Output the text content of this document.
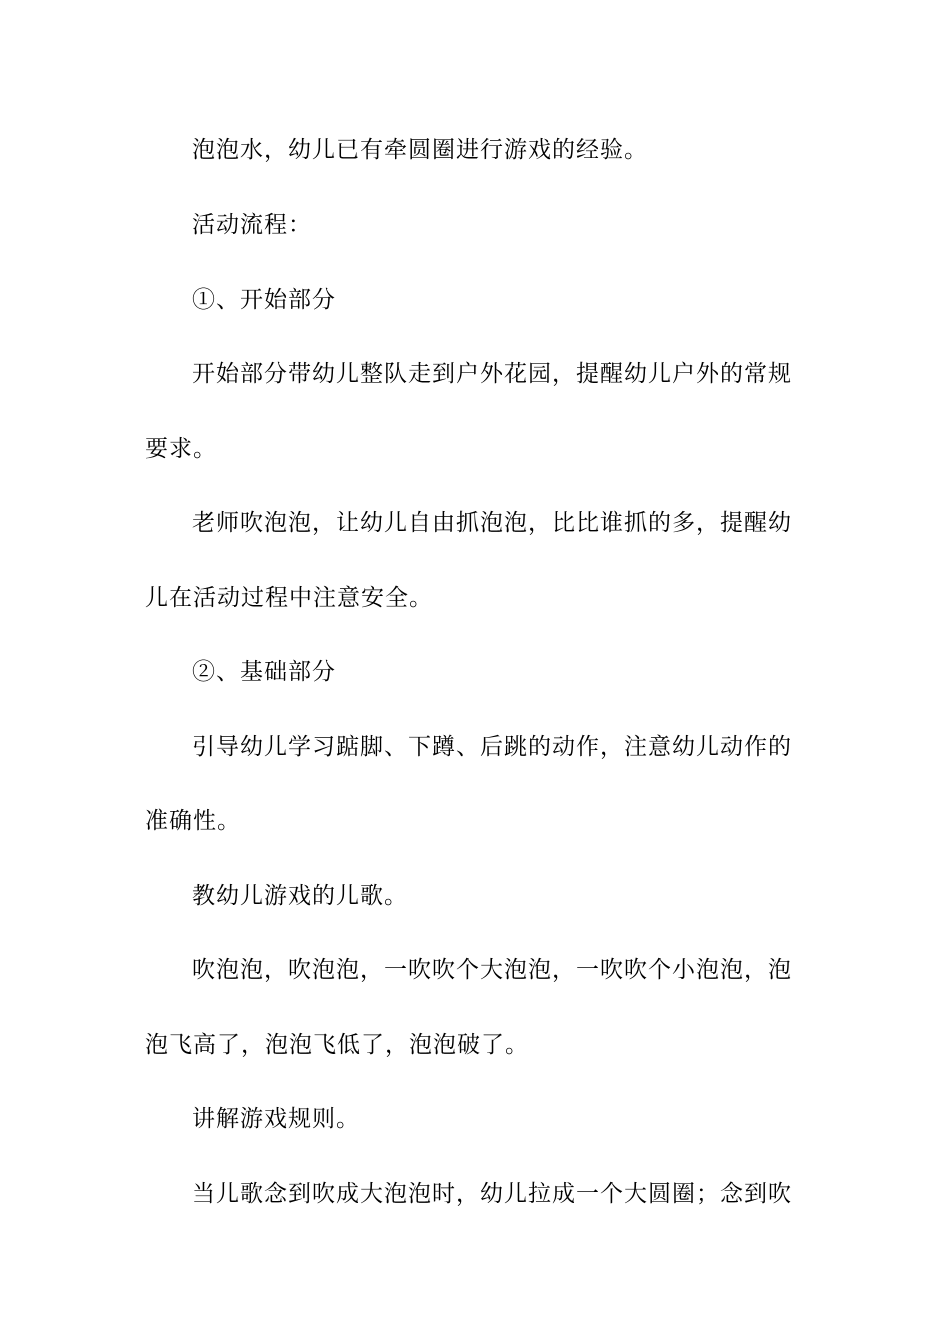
泡泡水，幼儿已有牵圆圈进行游戏的经验。

活动流程：

①、开始部分

开始部分带幼儿整队走到户外花园，提醒幼儿户外的常规

要求。

老师吹泡泡，让幼儿自由抓泡泡，比比谁抓的多，提醒幼

儿在活动过程中注意安全。

②、基础部分

引导幼儿学习踮脚、下蹲、后跳的动作，注意幼儿动作的

准确性。

教幼儿游戏的儿歌。

吹泡泡，吹泡泡，一吹吹个大泡泡，一吹吹个小泡泡，泡

泡飞高了，泡泡飞低了，泡泡破了。

讲解游戏规则。

当儿歌念到吹成大泡泡时，幼儿拉成一个大圆圈；念到吹
